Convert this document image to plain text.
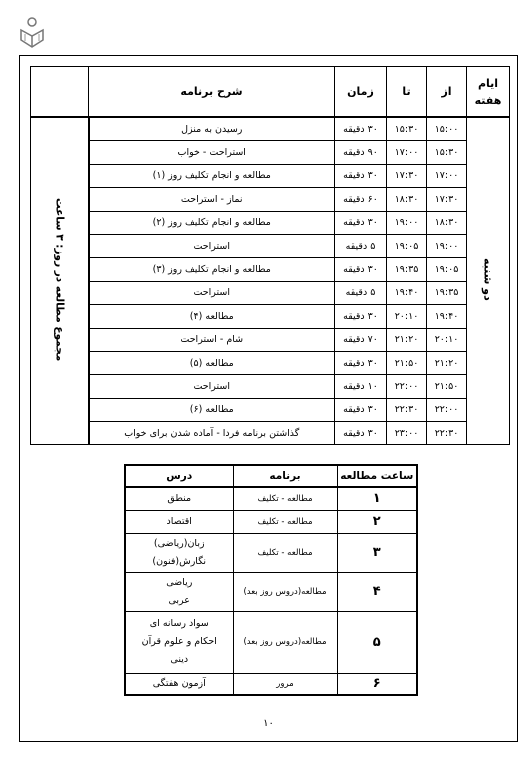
ایام هفته	از	تا	زمان	شرح برنامه	
دو شنبه	۱۵:۰۰	۱۵:۳۰	۳۰ دقیقه	رسیدن به منزل	مجموع مطالعه در روز: ۳ ساعت
	۱۵:۳۰	۱۷:۰۰	۹۰ دقیقه	استراحت - خواب	
	۱۷:۰۰	۱۷:۳۰	۳۰ دقیقه	مطالعه و انجام تکلیف روز (۱)	
	۱۷:۳۰	۱۸:۳۰	۶۰ دقیقه	نماز - استراحت	
	۱۸:۳۰	۱۹:۰۰	۳۰ دقیقه	مطالعه و انجام تکلیف روز (۲)	
	۱۹:۰۰	۱۹:۰۵	۵ دقیقه	استراحت	
	۱۹:۰۵	۱۹:۳۵	۳۰ دقیقه	مطالعه و انجام تکلیف روز (۳)	
	۱۹:۳۵	۱۹:۴۰	۵ دقیقه	استراحت	
	۱۹:۴۰	۲۰:۱۰	۳۰ دقیقه	مطالعه (۴)	
	۲۰:۱۰	۲۱:۲۰	۷۰ دقیقه	شام - استراحت	
	۲۱:۲۰	۲۱:۵۰	۳۰ دقیقه	مطالعه (۵)	
	۲۱:۵۰	۲۲:۰۰	۱۰ دقیقه	استراحت	
	۲۲:۰۰	۲۲:۳۰	۳۰ دقیقه	مطالعه (۶)	
	۲۲:۳۰	۲۳:۰۰	۳۰ دقیقه	گذاشتن برنامه فردا - آماده شدن برای خواب	
ساعت مطالعه	برنامه	درس
۱	مطالعه - تکلیف	منطق

۲	مطالعه - تکلیف	اقتصاد

۳	مطالعه - تکلیف	زبان(ریاضی)
نگارش(فنون)

۴	مطالعه(دروس روز بعد)	ریاضی
عربی

۵	مطالعه(دروس روز بعد)	سواد رسانه ای
احکام و علوم قرآن
دینی

۶	مرور	آزمون هفتگی
۱۰
